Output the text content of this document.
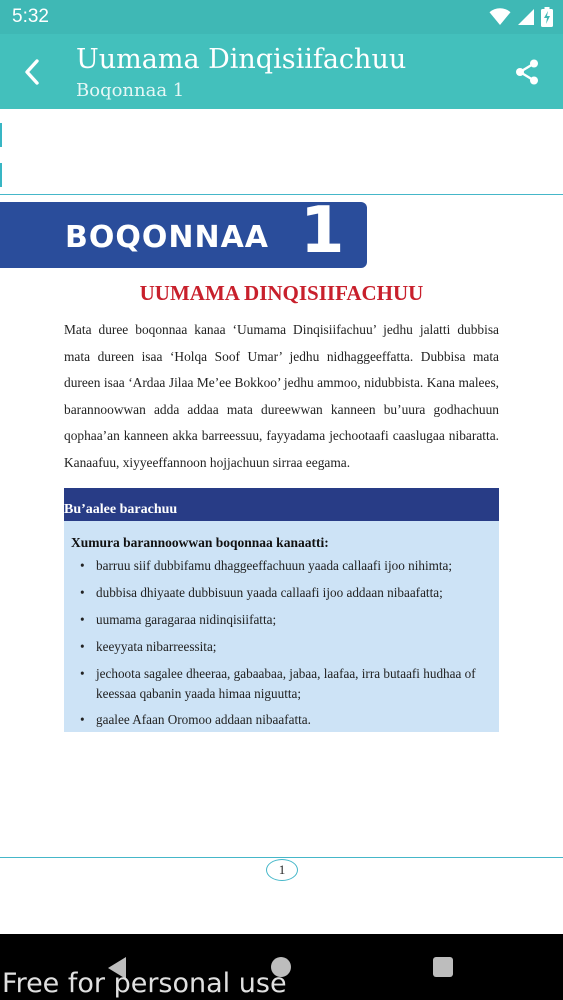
5:32
Uumama Dinqisiifachuu
Boqonnaa 1
BOQONNAA 1
UUMAMA DINQISIIFACHUU
Mata duree boqonnaa kanaa ‘Uumama Dinqisiifachuu’ jedhu jalatti dubbisa mata dureen isaa ‘Holqa Soof Umar’ jedhu nidhaggeeffatta. Dubbisa mata dureen isaa ‘Ardaa Jilaa Me’ee Bokkoo’ jedhu ammoo, nidubbista. Kana malees, barannoowwan adda addaa mata dureewwan kanneen bu’uura godhachuun qophaa’an kanneen akka barreessuu, fayyadama jechootaafi caaslugaa nibaratta. Kanaafuu, xiyyeeffannoon hojjachuun sirraa eegama.
Bu’aalee barachuu
Xumura barannoowwan boqonnaa kanaatti:
• barruu siif dubbifamu dhaggeeffachuun yaada callaafi ijoo nihimta;
• dubbisa dhiyaate dubbisuun yaada callaafi ijoo addaan nibaafatta;
• uumama garagaraa nidinqisiifatta;
• keeyyata nibarreessita;
• jechoota sagalee dheeraa, gabaabaa, jabaa, laafaa, irra butaafi hudhaa of keessaa qabanin yaada himaa niguutta;
• gaalee Afaan Oromoo addaan nibaafatta.
1
Free for personal use
